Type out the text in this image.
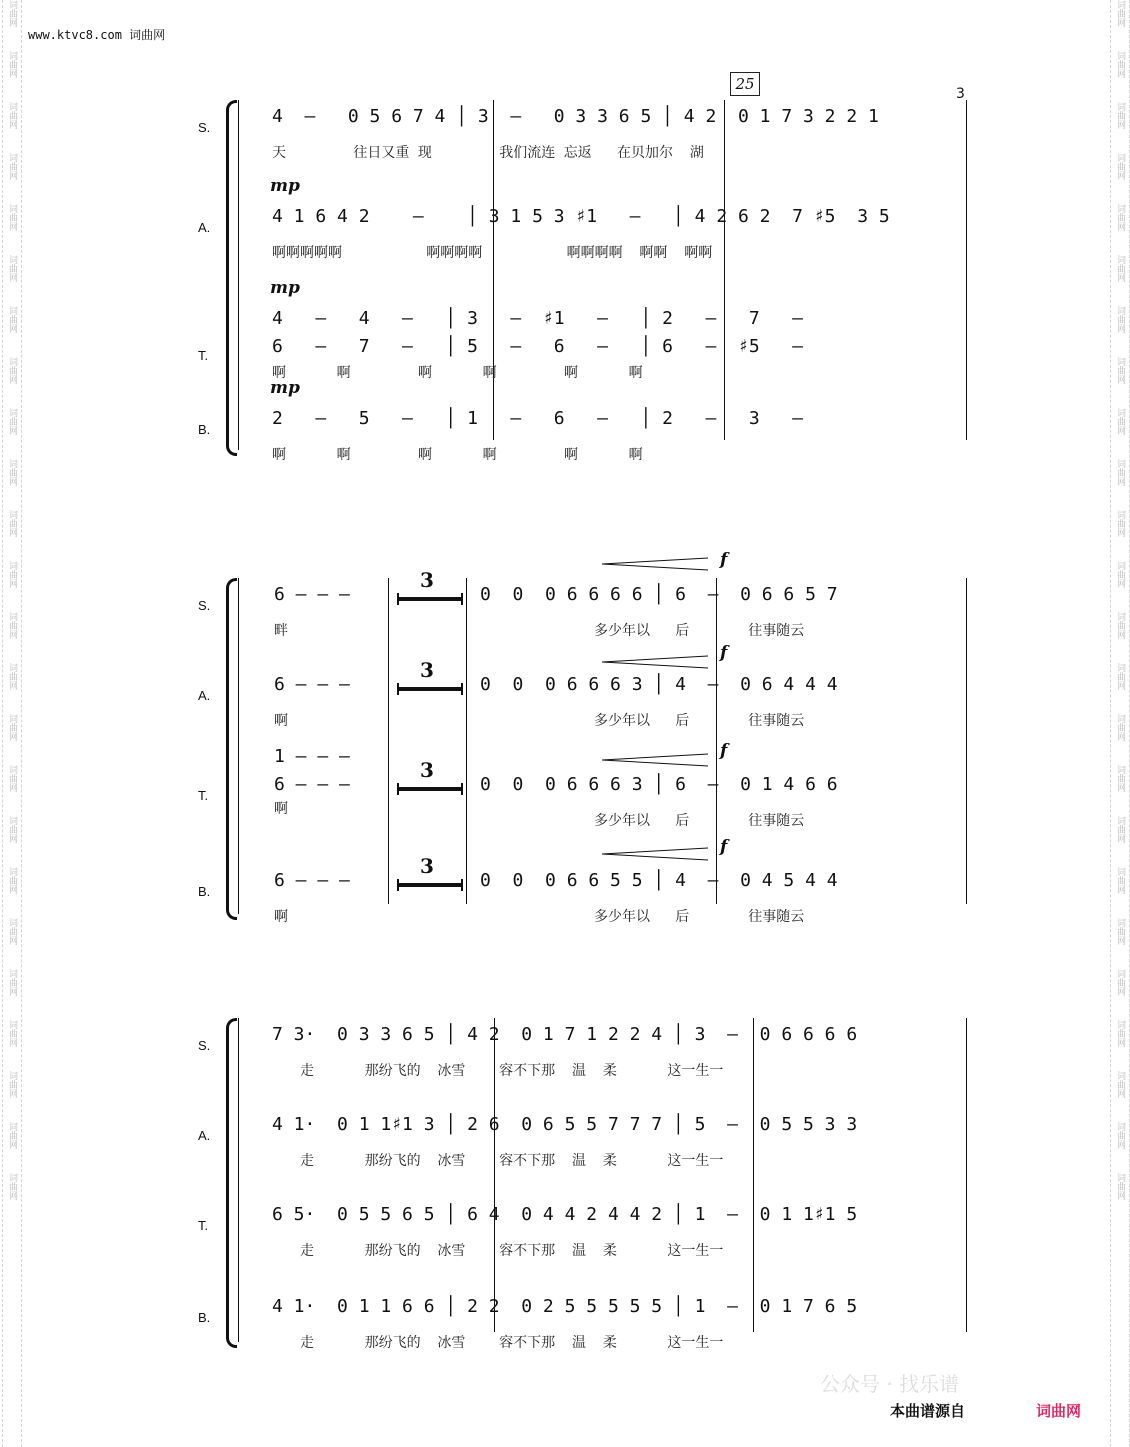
词曲网
词曲网
词曲网
词曲网
词曲网
词曲网
词曲网
词曲网
词曲网
词曲网
词曲网
词曲网
词曲网
词曲网
词曲网
词曲网
词曲网
词曲网
词曲网
词曲网
词曲网
词曲网
词曲网
词曲网
词曲网
词曲网
词曲网
词曲网
词曲网
词曲网
词曲网
词曲网
词曲网
词曲网
词曲网
词曲网
词曲网
词曲网
词曲网
词曲网
词曲网
词曲网
词曲网
词曲网
词曲网
词曲网
词曲网
词曲网
www.ktvc8.com 词曲网
25
3
S.
A.
T.
B.
4  –   0 5 6 7 4 │ 3  –   0 3 3 6 5 │ 4 2  0 1 7 3 2 2 1
天        往日又重 现        我们流连 忘返   在贝加尔  湖
mp
4 1 6 4 2    –    │ 3 1 5 3 ♯1   –   │ 4 2 6 2  7 ♯5  3 5
啊啊啊啊啊          啊啊啊啊          啊啊啊啊  啊啊  啊啊
mp
4   –   4   –   │ 3   –  ♯1   –   │ 2   –   7   –
6   –   7   –   │ 5   –   6   –   │ 6   –  ♯5   –
啊      啊        啊      啊        啊      啊
mp
2   –   5   –   │ 1   –   6   –   │ 2   –   3   –
啊      啊        啊      啊        啊      啊
S.
A.
T.
B.
3
3
3
3
f
f
f
f
6 – – –	0  0  0 6 6 6 6 │ 6  –  0 6 6 5 7
畔	多少年以   后       往事随云
6 – – –	0  0  0 6 6 6 3 │ 4  –  0 6 4 4 4
啊	多少年以   后       往事随云
1 – – –
6 – – –	0  0  0 6 6 6 3 │ 6  –  0 1 4 6 6
啊
多少年以   后       往事随云
6 – – –	0  0  0 6 6 5 5 │ 4  –  0 4 5 4 4
啊	多少年以   后       往事随云
S.
A.
T.
B.
7 3·  0 3 3 6 5 │ 4 2  0 1 7 1 2 2 4 │ 3  –  0 6 6 6 6
走      那纷飞的  冰雪    容不下那  温  柔      这一生一
4 1·  0 1 1♯1 3 │ 2 6  0 6 5 5 7 7 7 │ 5  –  0 5 5 3 3
走      那纷飞的  冰雪    容不下那  温  柔      这一生一
6 5·  0 5 5 6 5 │ 6 4  0 4 4 2 4 4 2 │ 1  –  0 1 1♯1 5
走      那纷飞的  冰雪    容不下那  温  柔      这一生一
4 1·  0 1 1 6 6 │ 2 2  0 2 5 5 5 5 5 │ 1  –  0 1 7 6 5
走      那纷飞的  冰雪    容不下那  温  柔      这一生一
公众号 · 找乐谱
本曲谱源自	词曲网
